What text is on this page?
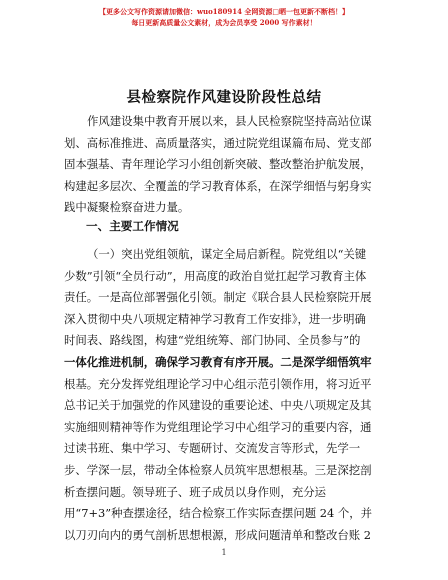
【更多公文写作资源请加微信：wuo180914 全网资源□晒一包更新不断档！】
每日更新高质量公文素材，成为会员享受 2000 写作素材！
县检察院作风建设阶段性总结
作风建设集中教育开展以来，县人民检察院坚持高站位谋
划、高标准推进、高质量落实，通过院党组谋篇布局、党支部
固本强基、青年理论学习小组创新突破、整改整治护航发展，
构建起多层次、全覆盖的学习教育体系，在深学细悟与躬身实
践中凝聚检察奋进力量。
一、主要工作情况
（一）突出党组领航，谋定全局启新程。院党组以“关键
少数”引领“全员行动”，用高度的政治自觉扛起学习教育主体
责任。一是高位部署强化引领。制定《联合县人民检察院开展
深入贯彻中央八项规定精神学习教育工作安排》，进一步明确
时间表、路线图，构建“党组统筹、部门协同、全员参与”的
一体化推进机制，确保学习教育有序开展。二是深学细悟筑牢
根基。充分发挥党组理论学习中心组示范引领作用，将习近平
总书记关于加强党的作风建设的重要论述、中央八项规定及其
实施细则精神等作为党组理论学习中心组学习的重要内容，通
过读书班、集中学习、专题研讨、交流发言等形式，先学一
步、学深一层，带动全体检察人员筑牢思想根基。三是深挖剖
析查摆问题。领导班子、班子成员以身作则，充分运
用“7+3”种查摆途径，结合检察工作实际查摆问题 24 个，并
以刀刃向内的勇气剖析思想根源，形成问题清单和整改台账 2
1
